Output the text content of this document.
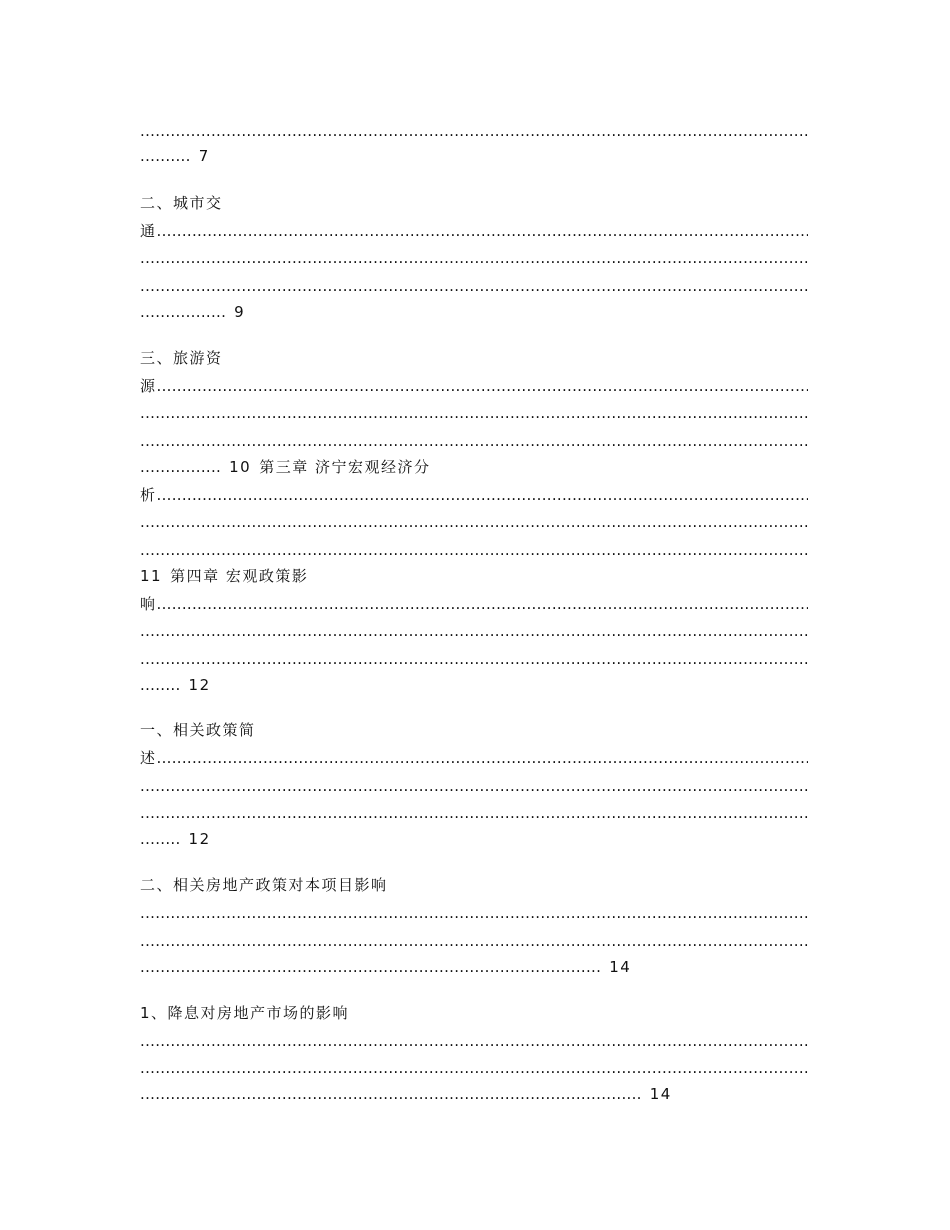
.....
.......... 7
二、城市交
通 .....
.....
.....
................. 9
三、旅游资
源 .....
.....
.....
................ 10 第三章 济宁宏观经济分
析 .....
.....
.....
11 第四章 宏观政策影
响 .....
.....
.....
........ 12
一、相关政策简
述 .....
.....
.....
........ 12
二、相关房地产政策对本项目影响
.....
.....
........................................................................................... 14
1、降息对房地产市场的影响
.....
.....
................................................................................................... 14
